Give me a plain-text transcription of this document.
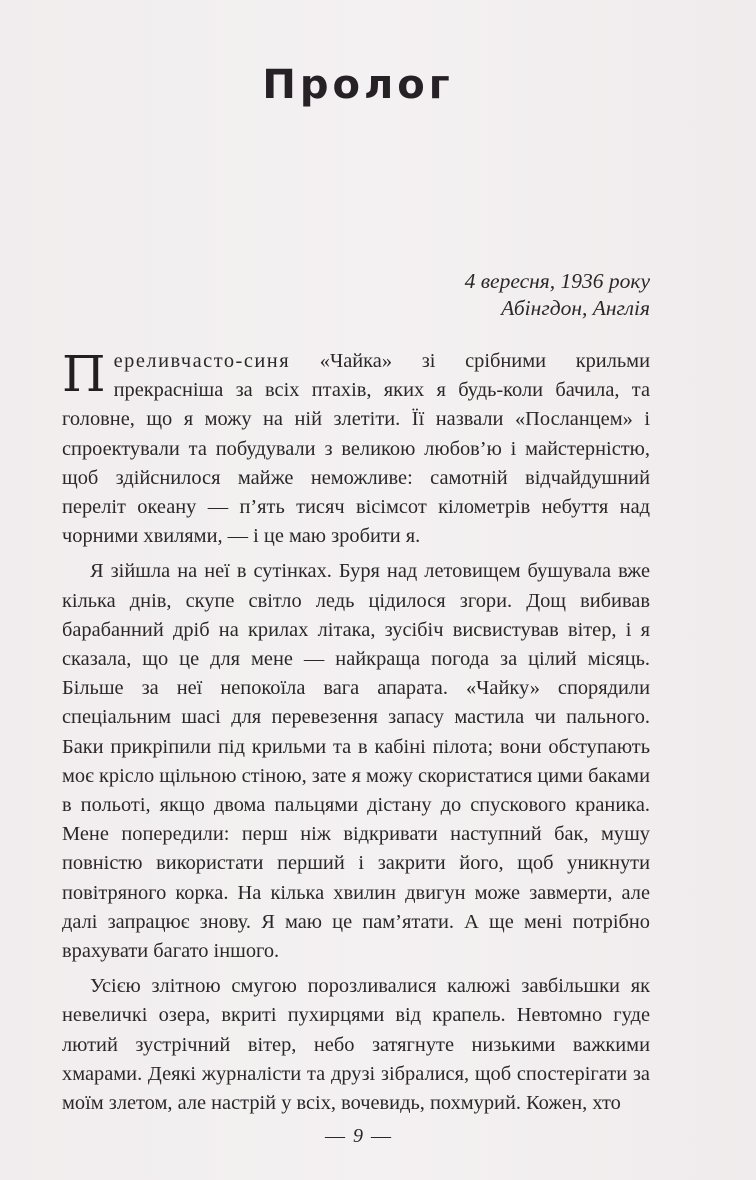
Пролог
4 вересня, 1936 року
Абінгдон, Англія

Переливчасто-синя «Чайка» зі срібними крильми прекрасніша за всіх птахів, яких я будь-коли бачила, та головне, що я можу на ній злетіти. Її назвали «Посланцем» і спроектували та побудували з великою любов’ю і майстерністю, щоб здійснилося майже неможливе: самотній відчайдушний переліт океану — п’ять тисяч вісімсот кілометрів небуття над чорними хвилями, — і це маю зробити я.

Я зійшла на неї в сутінках. Буря над летовищем бушувала вже кілька днів, скупе світло ледь цідилося згори. Дощ вибивав барабанний дріб на крилах літака, зусібіч висвистував вітер, і я сказала, що це для мене — найкраща погода за цілий місяць. Більше за неї непокоїла вага апарата. «Чайку» спорядили спеціальним шасі для перевезення запасу мастила чи пального. Баки прикріпили під крильми та в кабіні пілота; вони обступають моє крісло щільною стіною, зате я можу скористатися цими баками в польоті, якщо двома пальцями дістану до спускового краника. Мене попередили: перш ніж відкривати наступний бак, мушу повністю використати перший і закрити його, щоб уникнути повітряного корка. На кілька хвилин двигун може завмерти, але далі запрацює знову. Я маю це пам’ятати. А ще мені потрібно врахувати багато іншого.

Усією злітною смугою порозливалися калюжі завбільшки як невеличкі озера, вкриті пухирцями від крапель. Невтомно гуде лютий зустрічний вітер, небо затягнуте низькими важкими хмарами. Деякі журналісти та друзі зібралися, щоб спостерігати за моїм злетом, але настрій у всіх, вочевидь, похмурий. Кожен, хто

— 9 —
